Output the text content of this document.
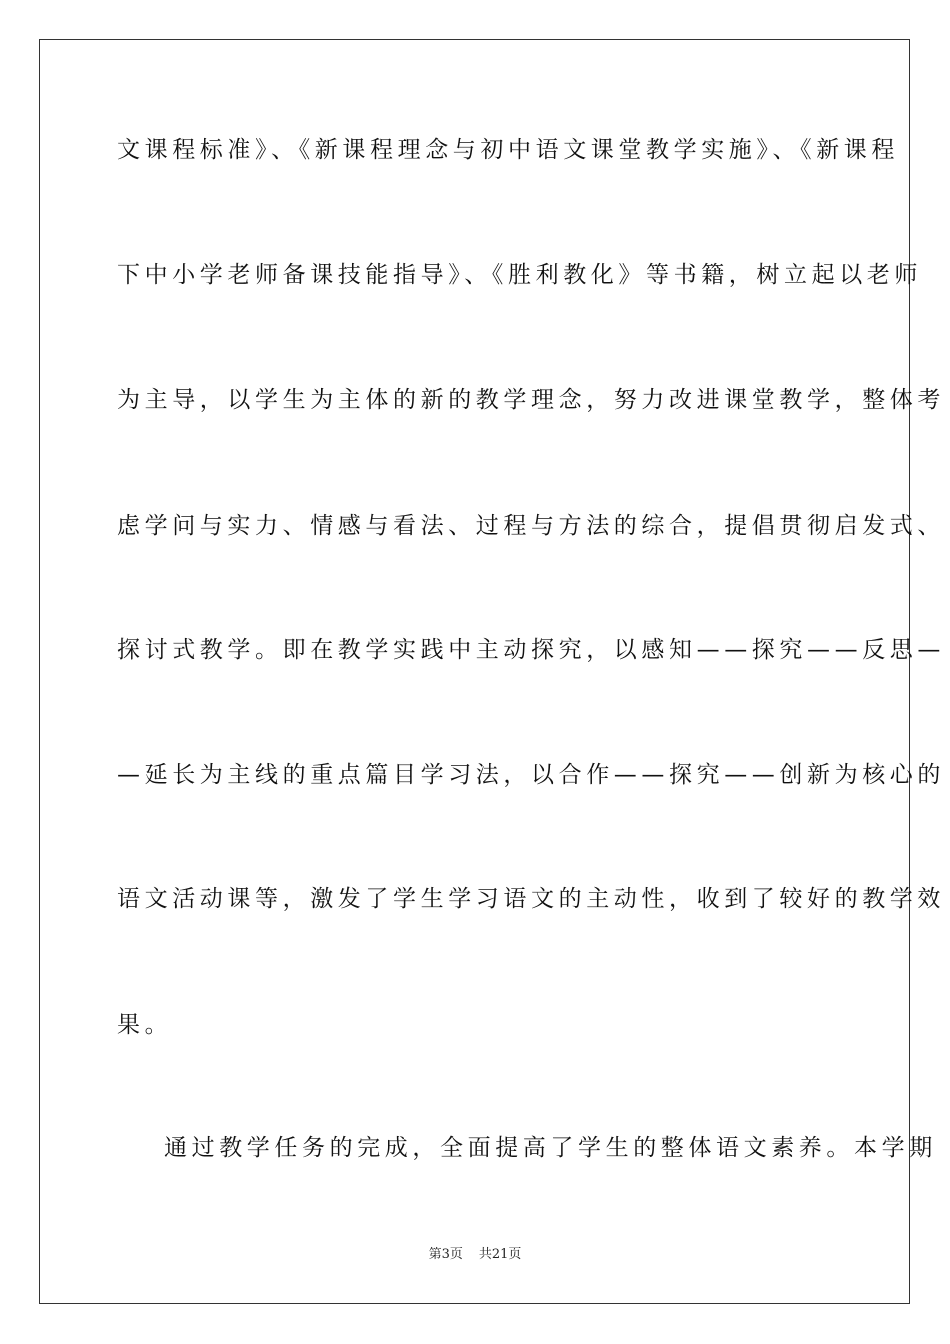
文课程标准》、《新课程理念与初中语文课堂教学实施》、《新课程
下中小学老师备课技能指导》、《胜利教化》等书籍，树立起以老师
为主导，以学生为主体的新的教学理念，努力改进课堂教学，整体考
虑学问与实力、情感与看法、过程与方法的综合，提倡贯彻启发式、
探讨式教学。即在教学实践中主动探究，以感知——探究——反思—
—延长为主线的重点篇目学习法，以合作——探究——创新为核心的
语文活动课等，激发了学生学习语文的主动性，收到了较好的教学效
果。
通过教学任务的完成，全面提高了学生的整体语文素养。本学期
第3页 共21页
